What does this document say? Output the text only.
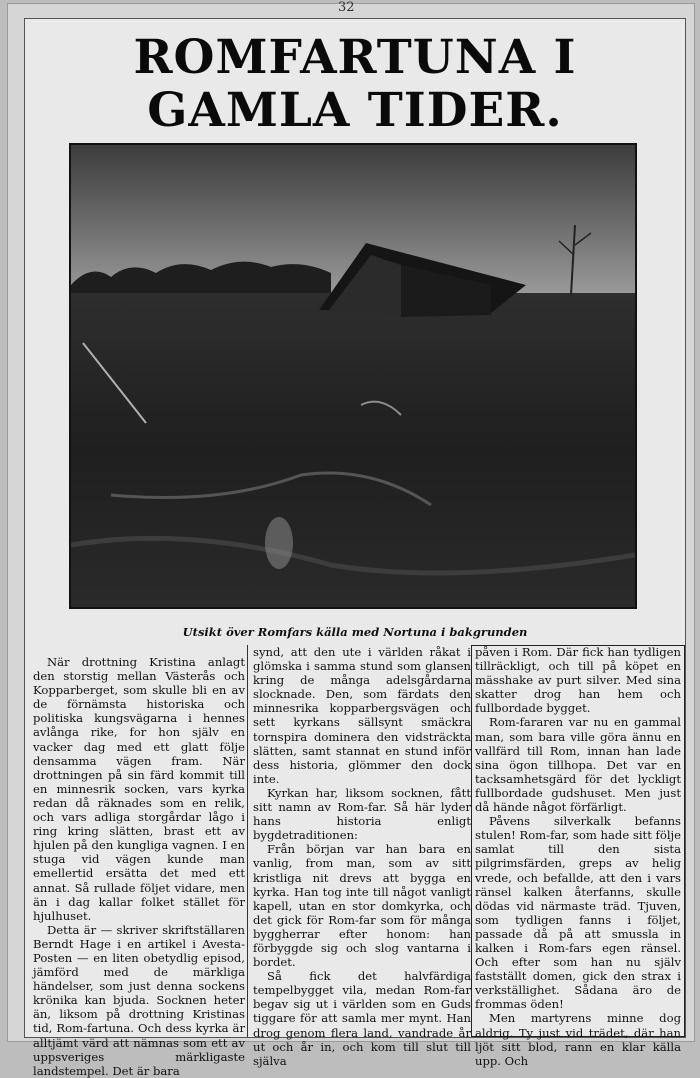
32
ROMFARTUNA I GAMLA TIDER.
Utsikt över Romfars källa med Nortuna i bakgrunden

När drottning Kristina anlagt den storstig mellan Västerås och Kopparberget, som skulle bli en av de förnämsta historiska och politiska kungsvägarna i hennes avlånga rike, for hon själv en vacker dag med ett glatt följe densamma vägen fram. När drottningen på sin färd kommit till en minnesrik socken, vars kyrka redan då räknades som en relik, och vars adliga storgårdar lågo i ring kring slätten, brast ett av hjulen på den kungliga vagnen. I en stuga vid vägen kunde man emellertid ersätta det med ett annat. Så rullade följet vidare, men än i dag kallar folket stället för hjulhuset.

Detta är — skriver skriftställaren Berndt Hage i en artikel i Avesta-Posten — en liten obetydlig episod, jämförd med de märkliga händelser, som just denna sockens krönika kan bjuda. Socknen heter än, liksom på drottning Kristinas tid, Rom-fartuna. Och dess kyrka är alltjämt värd att nämnas som ett av uppsveriges märkligaste landstempel. Det är bara

synd, att den ute i världen råkat i glömska i samma stund som glansen kring de många adelsgårdarna slocknade. Den, som färdats den minnesrika kopparbergsvägen och sett kyrkans sällsynt smäckra tornspira dominera den vidsträckta slätten, samt stannat en stund inför dess historia, glömmer den dock inte.

Kyrkan har, liksom socknen, fått sitt namn av Rom-far. Så här lyder hans historia enligt bygdetraditionen:

Från början var han bara en vanlig, from man, som av sitt kristliga nit drevs att bygga en kyrka. Han tog inte till något vanligt kapell, utan en stor domkyrka, och det gick för Rom-far som för många byggherrar efter honom: han förbyggde sig och slog vantarna i bordet.

Så fick det halvfärdiga tempelbygget vila, medan Rom-far begav sig ut i världen som en Guds tiggare för att samla mer mynt. Han drog genom flera land, vandrade år ut och år in, och kom till slut till själva

påven i Rom. Där fick han tydligen tillräckligt, och till på köpet en mässhake av purt silver. Med sina skatter drog han hem och fullbordade bygget.

Rom-fararen var nu en gammal man, som bara ville göra ännu en vallfärd till Rom, innan han lade sina ögon tillhopa. Det var en tacksamhetsgärd för det lyckligt fullbordade gudshuset. Men just då hände något förfärligt.

Påvens silverkalk befanns stulen! Rom-far, som hade sitt följe samlat till den sista pilgrimsfärden, greps av helig vrede, och befallde, att den i vars ränsel kalken återfanns, skulle dödas vid närmaste träd. Tjuven, som tydligen fanns i följet, passade då på att smussla in kalken i Rom-fars egen ränsel. Och efter som han nu själv fastställt domen, gick den strax i verkställighet. Sådana äro de frommas öden!

Men martyrens minne dog aldrig. Ty just vid trädet, där han ljöt sitt blod, rann en klar källa upp. Och
